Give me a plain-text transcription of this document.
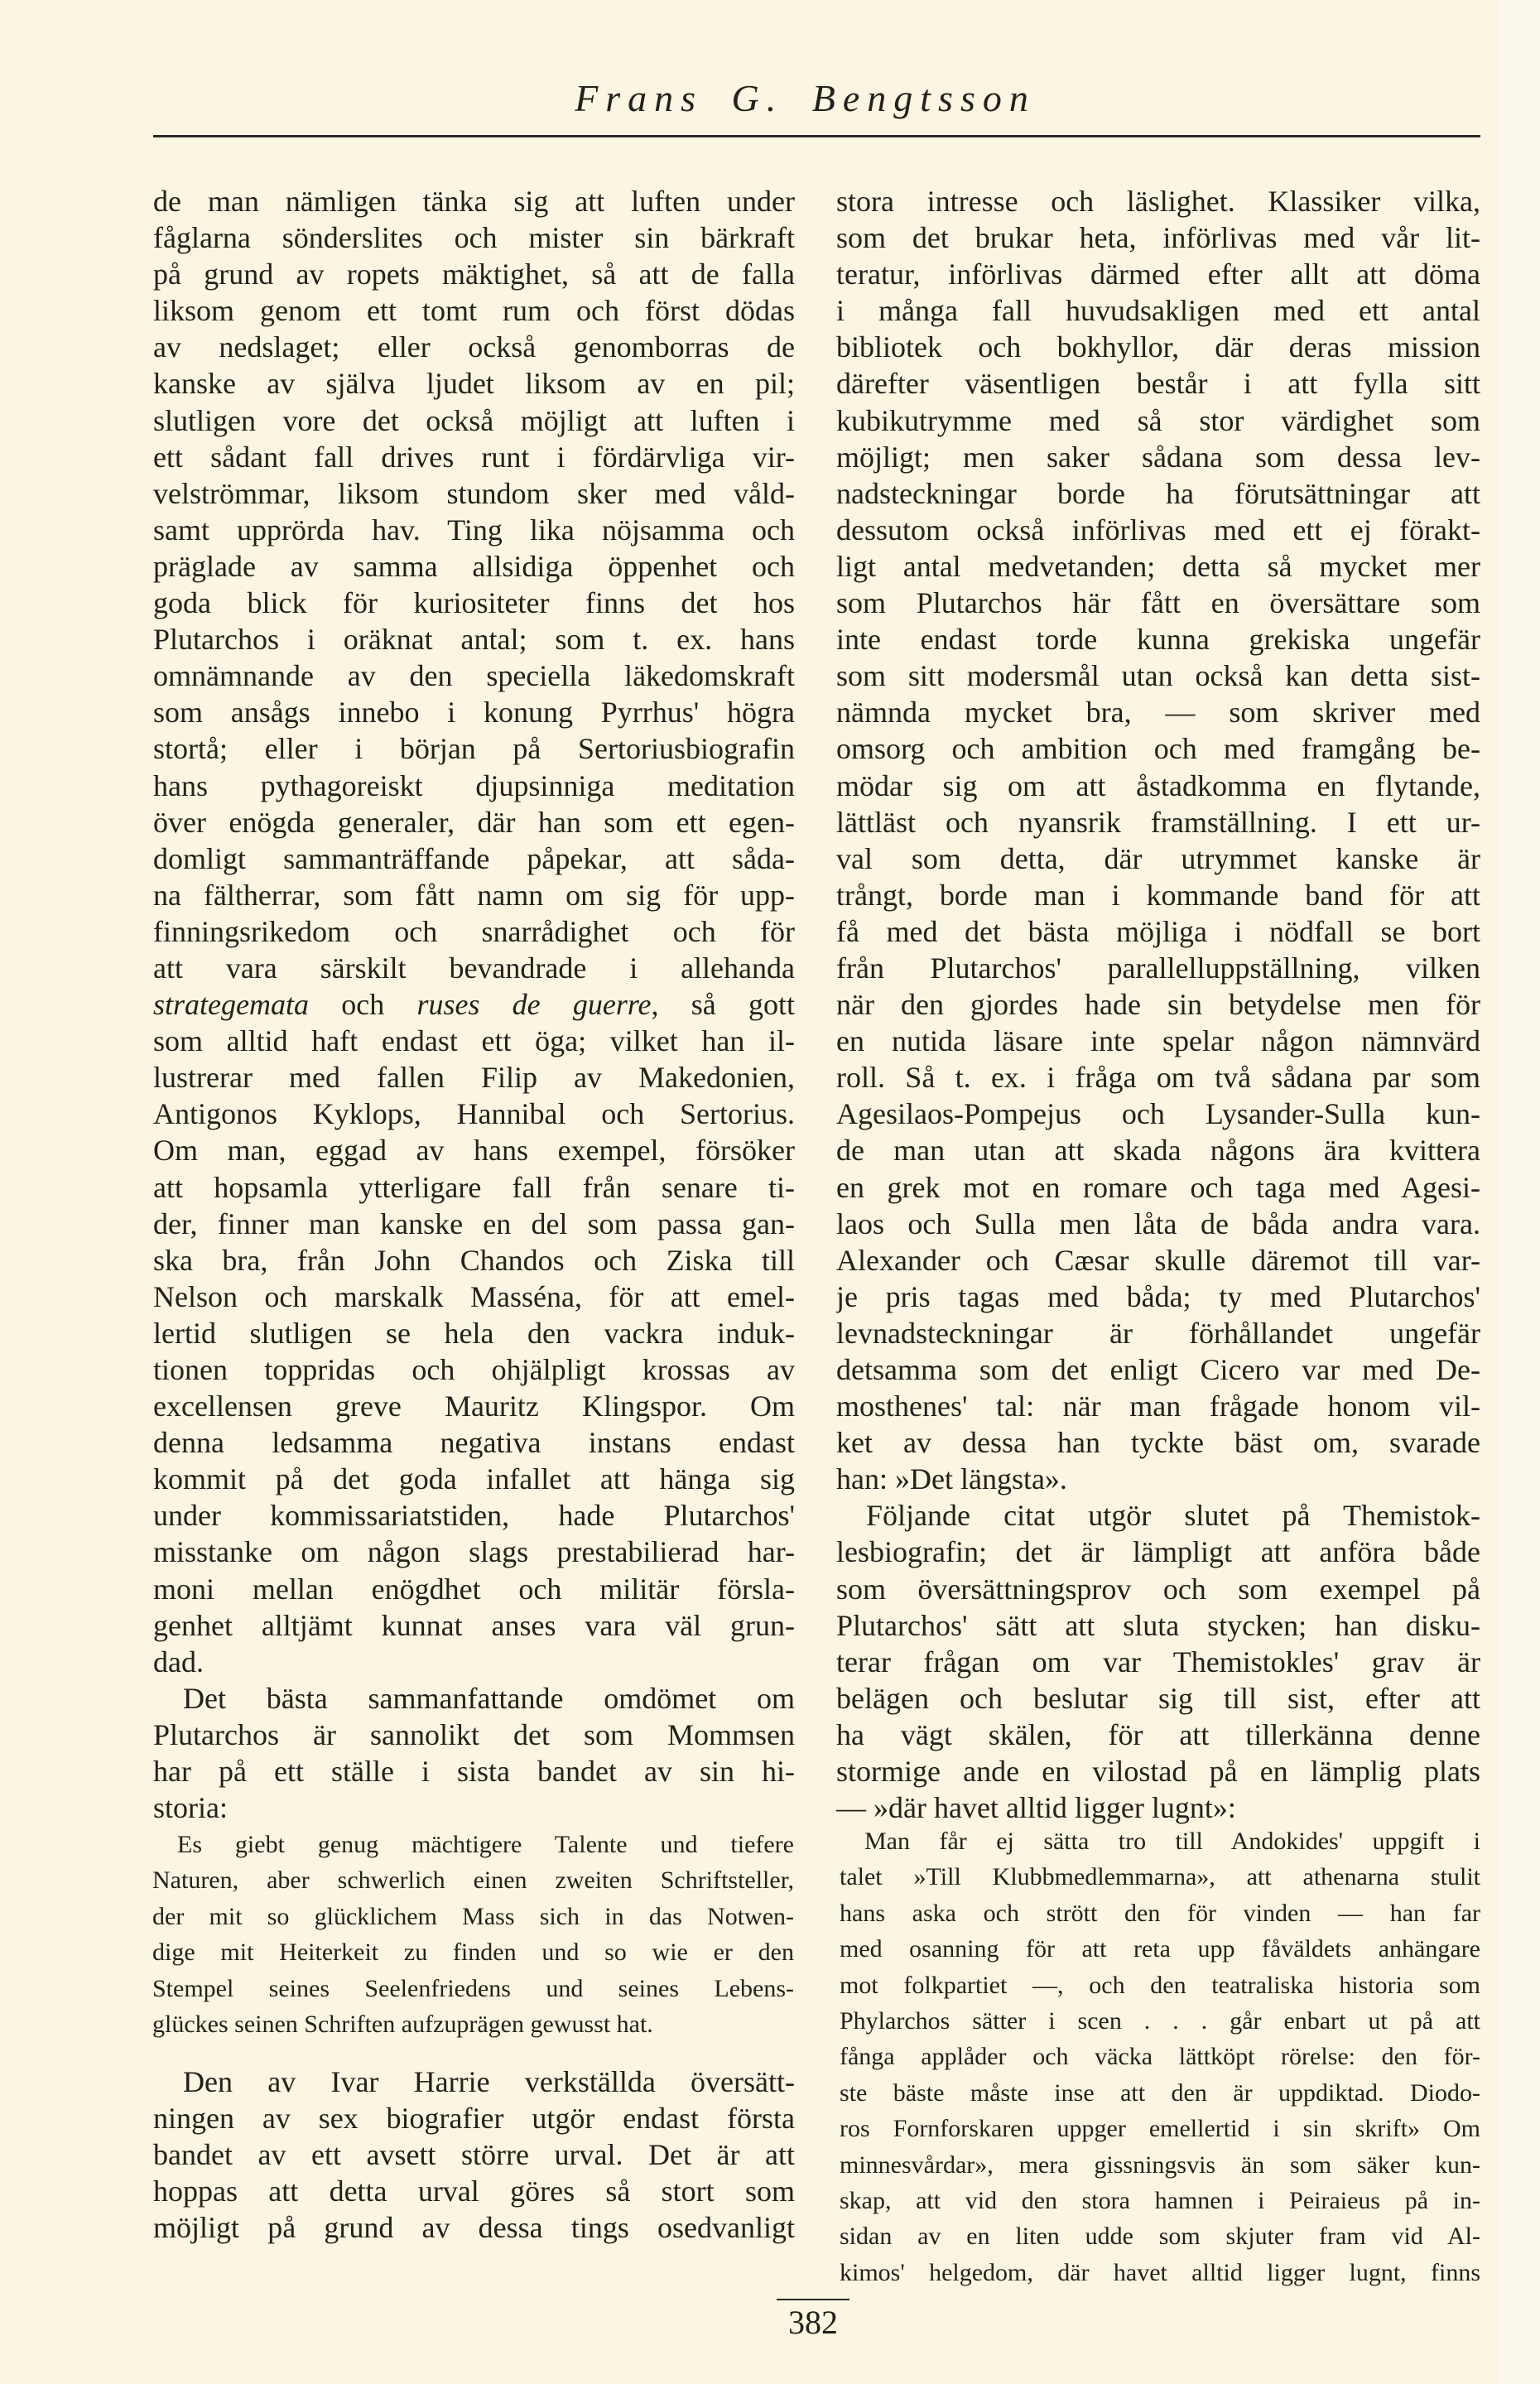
Frans G. Bengtsson
de man nämligen tänka sig att luften under
fåglarna sönderslites och mister sin bärkraft
på grund av ropets mäktighet, så att de falla
liksom genom ett tomt rum och först dödas
av nedslaget; eller också genomborras de
kanske av själva ljudet liksom av en pil;
slutligen vore det också möjligt att luften i
ett sådant fall drives runt i fördärvliga vir-
velströmmar, liksom stundom sker med våld-
samt upprörda hav. Ting lika nöjsamma och
präglade av samma allsidiga öppenhet och
goda blick för kuriositeter finns det hos
Plutarchos i oräknat antal; som t. ex. hans
omnämnande av den speciella läkedomskraft
som ansågs innebo i konung Pyrrhus' högra
stortå; eller i början på Sertoriusbiografin
hans pythagoreiskt djupsinniga meditation
över enögda generaler, där han som ett egen-
domligt sammanträffande påpekar, att såda-
na fältherrar, som fått namn om sig för upp-
finningsrikedom och snarrådighet och för
att vara särskilt bevandrade i allehanda
strategemata och ruses de guerre, så gott
som alltid haft endast ett öga; vilket han il-
lustrerar med fallen Filip av Makedonien,
Antigonos Kyklops, Hannibal och Sertorius.
Om man, eggad av hans exempel, försöker
att hopsamla ytterligare fall från senare ti-
der, finner man kanske en del som passa gan-
ska bra, från John Chandos och Ziska till
Nelson och marskalk Masséna, för att emel-
lertid slutligen se hela den vackra induk-
tionen toppridas och ohjälpligt krossas av
excellensen greve Mauritz Klingspor. Om
denna ledsamma negativa instans endast
kommit på det goda infallet att hänga sig
under kommissariatstiden, hade Plutarchos'
misstanke om någon slags prestabilierad har-
moni mellan enögdhet och militär förslа-
genhet alltjämt kunnat anses vara väl grun-
dad.
Det bästa sammanfattande omdömet om
Plutarchos är sannolikt det som Mommsen
har på ett ställe i sista bandet av sin hi-
storia:
Es giebt genug mächtigere Talente und tiefere
Naturen, aber schwerlich einen zweiten Schriftsteller,
der mit so glücklichem Mass sich in das Notwen-
dige mit Heiterkeit zu finden und so wie er den
Stempel seines Seelenfriedens und seines Lebens-
glückes seinen Schriften aufzuprägen gewusst hat.
Den av Ivar Harrie verkställda översätt-
ningen av sex biografier utgör endast första
bandet av ett avsett större urval. Det är att
hoppas att detta urval göres så stort som
möjligt på grund av dessa tings osedvanligt
stora intresse och läslighet. Klassiker vilka,
som det brukar heta, införlivas med vår lit-
teratur, införlivas därmed efter allt att döma
i många fall huvudsakligen med ett antal
bibliotek och bokhyllor, där deras mission
därefter väsentligen består i att fylla sitt
kubikutrymme med så stor värdighet som
möjligt; men saker sådana som dessa lev-
nadsteckningar borde ha förutsättningar att
dessutom också införlivas med ett ej förakt-
ligt antal medvetanden; detta så mycket mer
som Plutarchos här fått en översättare som
inte endast torde kunna grekiska ungefär
som sitt modersmål utan också kan detta sist-
nämnda mycket bra, — som skriver med
omsorg och ambition och med framgång be-
mödar sig om att åstadkomma en flytande,
lättläst och nyansrik framställning. I ett ur-
val som detta, där utrymmet kanske är
trångt, borde man i kommande band för att
få med det bästa möjliga i nödfall se bort
från Plutarchos' parallelluppställning, vilken
när den gjordes hade sin betydelse men för
en nutida läsare inte spelar någon nämnvärd
roll. Så t. ex. i fråga om två sådana par som
Agesilaos-Pompejus och Lysander-Sulla kun-
de man utan att skada någons ära kvittera
en grek mot en romare och taga med Agesi-
laos och Sulla men låta de båda andra vara.
Alexander och Cæsar skulle däremot till var-
je pris tagas med båda; ty med Plutarchos'
levnadsteckningar är förhållandet ungefär
detsamma som det enligt Cicero var med De-
mosthenes' tal: när man frågade honom vil-
ket av dessa han tyckte bäst om, svarade
han: »Det längsta».
Följande citat utgör slutet på Themistok-
lesbiografin; det är lämpligt att anföra både
som översättningsprov och som exempel på
Plutarchos' sätt att sluta stycken; han disku-
terar frågan om var Themistokles' grav är
belägen och beslutar sig till sist, efter att
ha vägt skälen, för att tillerkänna denne
stormige ande en vilostad på en lämplig plats
— »där havet alltid ligger lugnt»:
Man får ej sätta tro till Andokides' uppgift i
talet »Till Klubbmedlemmarna», att athenarna stulit
hans aska och strött den för vinden — han far
med osanning för att reta upp fåväldets anhängare
mot folkpartiet —, och den teatraliska historia som
Phylarchos sätter i scen . . . går enbart ut på att
fånga applåder och väcka lättköpt rörelse: den för-
ste bäste måste inse att den är uppdiktad. Diodo-
ros Fornforskaren uppger emellertid i sin skrift» Om
minnesvårdar», mera gissningsvis än som säker kun-
skap, att vid den stora hamnen i Peiraieus på in-
sidan av en liten udde som skjuter fram vid Al-
kimos' helgedom, där havet alltid ligger lugnt, finns
382
